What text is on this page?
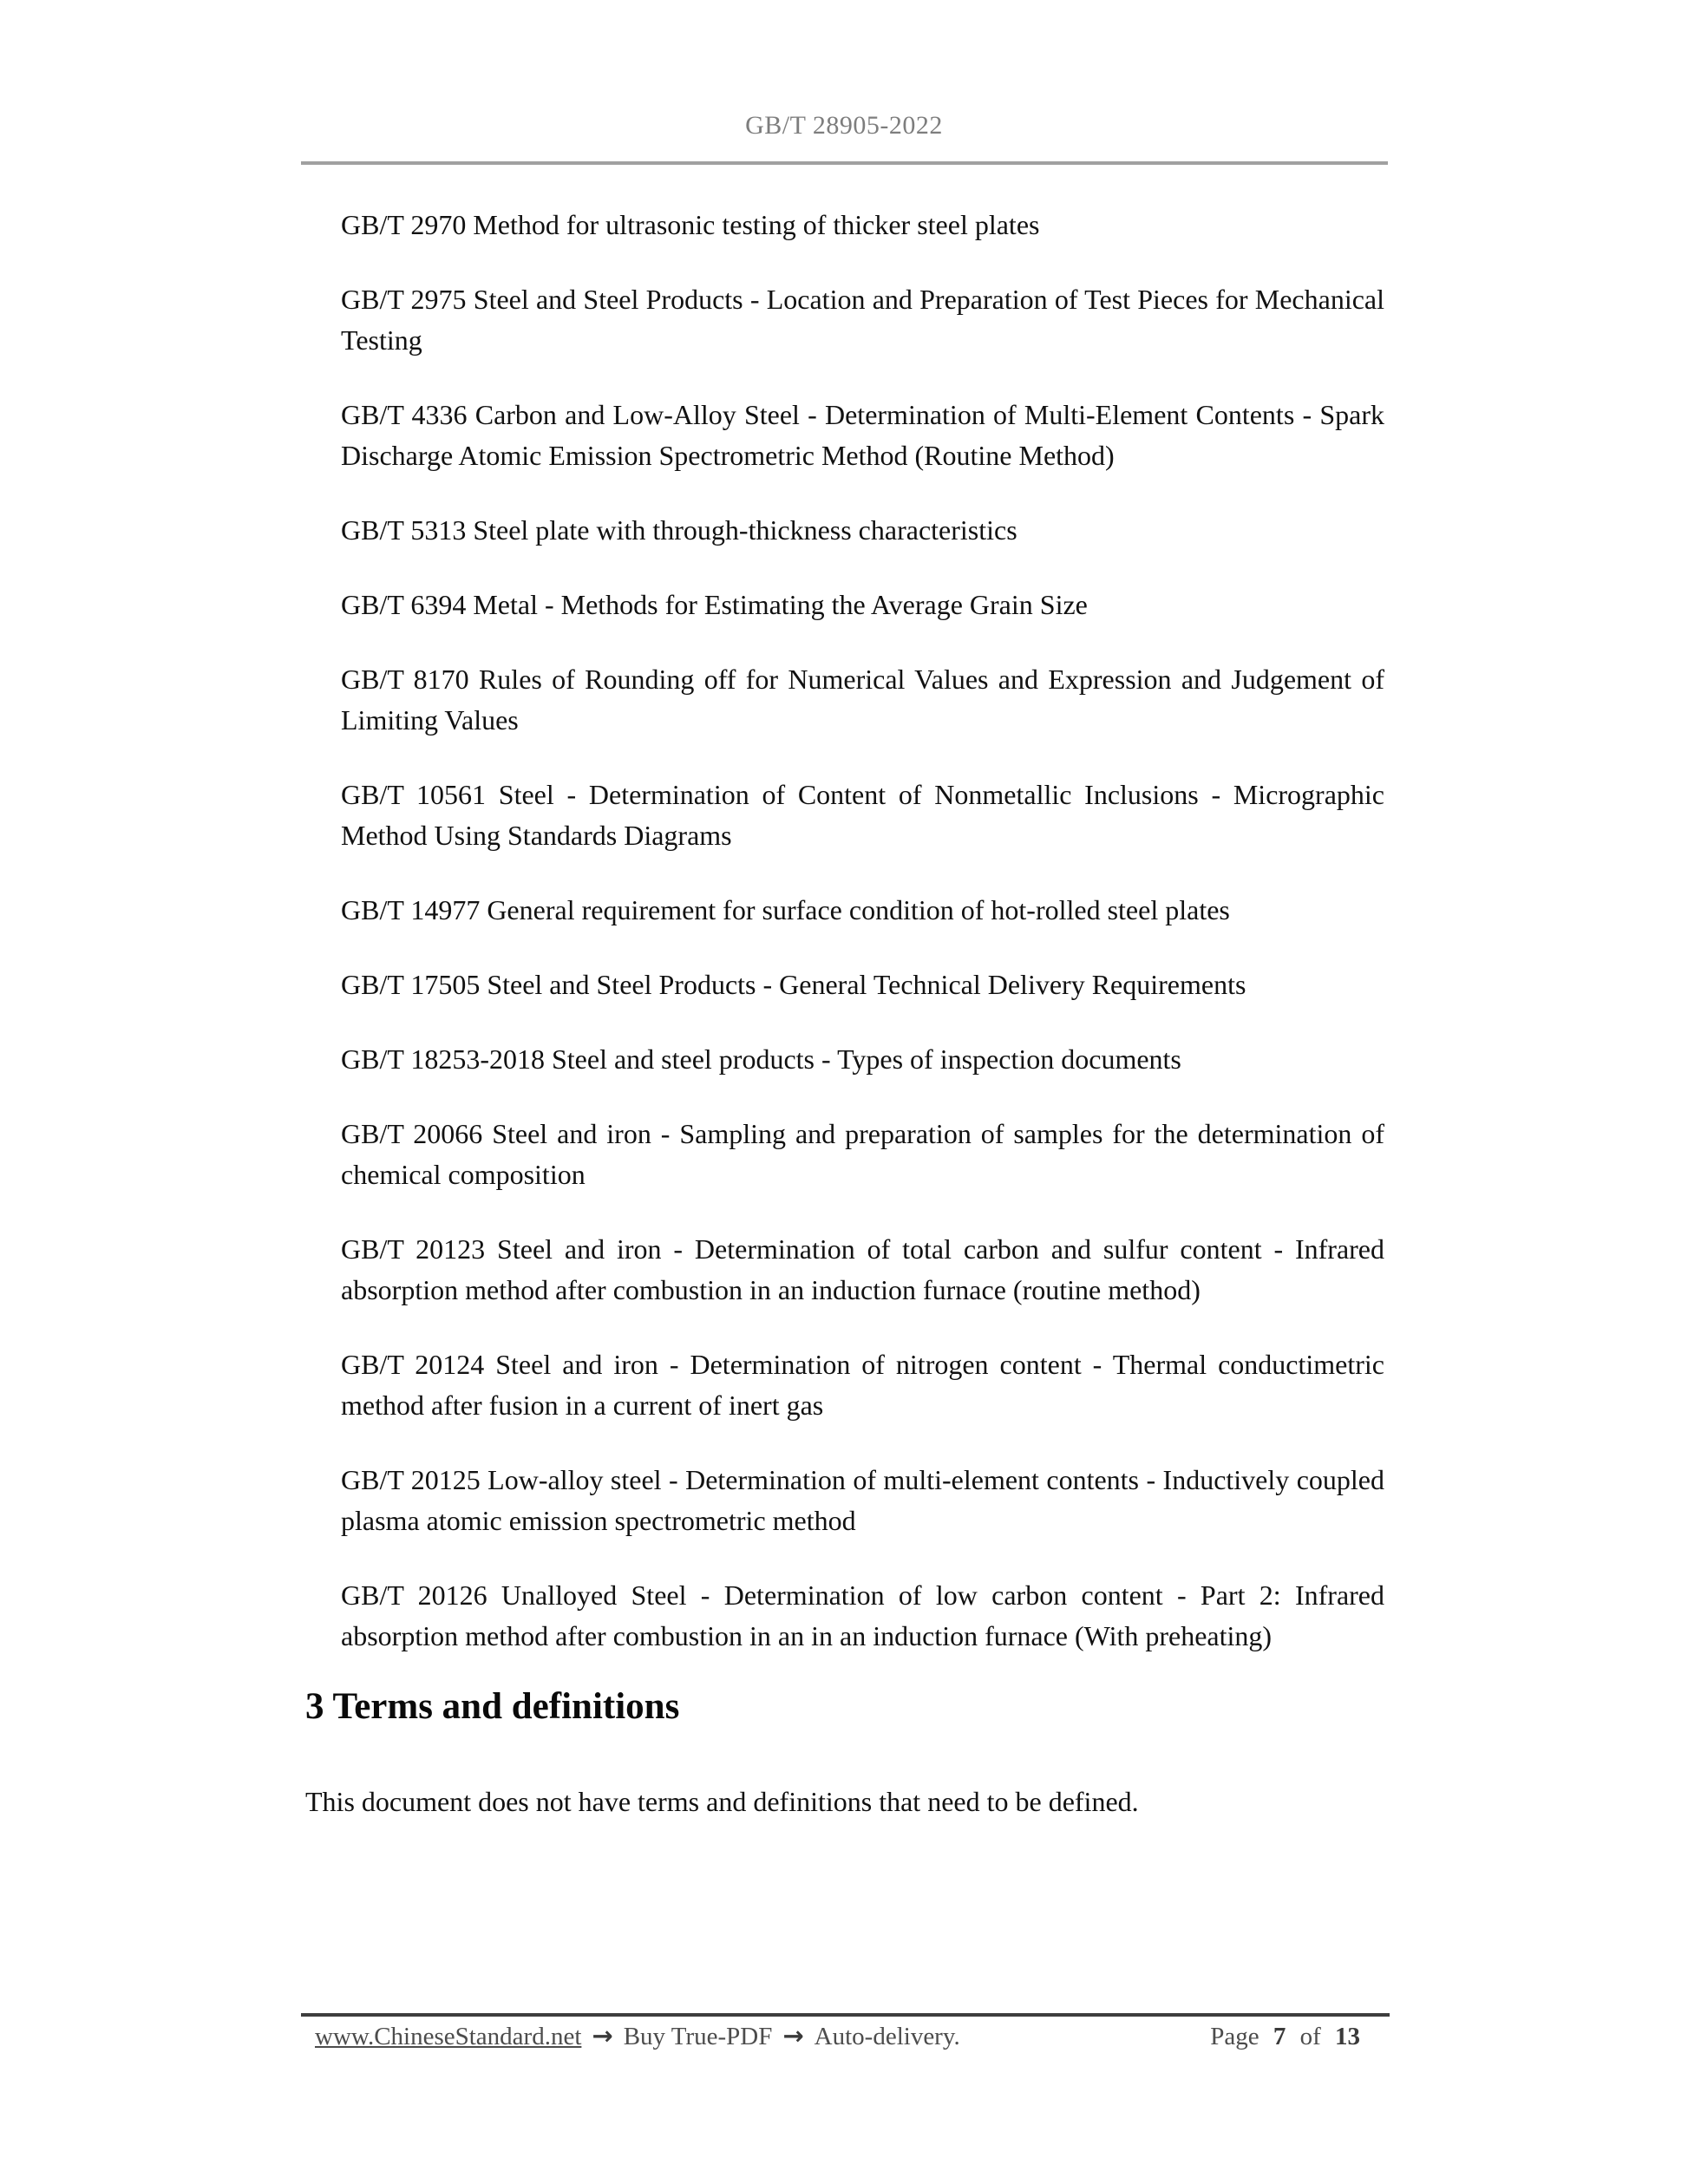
GB/T 28905-2022

GB/T 2970 Method for ultrasonic testing of thicker steel plates

GB/T 2975 Steel and Steel Products - Location and Preparation of Test Pieces for Mechanical Testing

GB/T 4336 Carbon and Low-Alloy Steel - Determination of Multi-Element Contents - Spark Discharge Atomic Emission Spectrometric Method (Routine Method)

GB/T 5313 Steel plate with through-thickness characteristics

GB/T 6394 Metal - Methods for Estimating the Average Grain Size

GB/T 8170 Rules of Rounding off for Numerical Values and Expression and Judgement of Limiting Values

GB/T 10561 Steel - Determination of Content of Nonmetallic Inclusions - Micrographic Method Using Standards Diagrams

GB/T 14977 General requirement for surface condition of hot-rolled steel plates

GB/T 17505 Steel and Steel Products - General Technical Delivery Requirements

GB/T 18253-2018 Steel and steel products - Types of inspection documents

GB/T 20066 Steel and iron - Sampling and preparation of samples for the determination of chemical composition

GB/T 20123 Steel and iron - Determination of total carbon and sulfur content - Infrared absorption method after combustion in an induction furnace (routine method)

GB/T 20124 Steel and iron - Determination of nitrogen content - Thermal conductimetric method after fusion in a current of inert gas

GB/T 20125 Low-alloy steel - Determination of multi-element contents - Inductively coupled plasma atomic emission spectrometric method

GB/T 20126 Unalloyed Steel - Determination of low carbon content - Part 2: Infrared absorption method after combustion in an in an induction furnace (With preheating)

3 Terms and definitions

This document does not have terms and definitions that need to be defined.

www.ChineseStandard.net → Buy True-PDF → Auto-delivery.	Page 7 of 13
